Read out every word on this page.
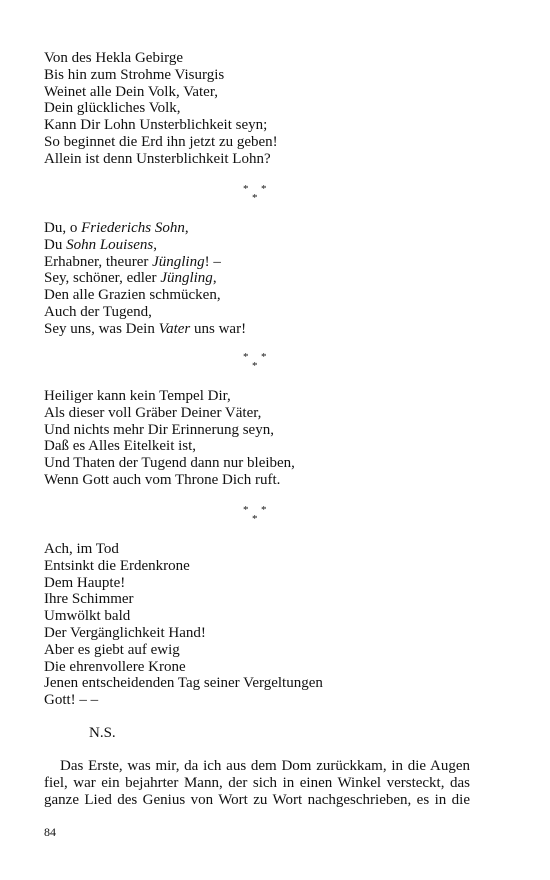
Von des Hekla Gebirge
Bis hin zum Strohme Visurgis
Weinet alle Dein Volk, Vater,
Dein glückliches Volk,
Kann Dir Lohn Unsterblichkeit seyn;
So beginnet die Erd ihn jetzt zu geben!
Allein ist denn Unsterblichkeit Lohn?
* *
*
Du, o Friederichs Sohn,
Du Sohn Louisens,
Erhabner, theurer Jüngling! –
Sey, schöner, edler Jüngling,
Den alle Grazien schmücken,
Auch der Tugend,
Sey uns, was Dein Vater uns war!
* *
*
Heiliger kann kein Tempel Dir,
Als dieser voll Gräber Deiner Väter,
Und nichts mehr Dir Erinnerung seyn,
Daß es Alles Eitelkeit ist,
Und Thaten der Tugend dann nur bleiben,
Wenn Gott auch vom Throne Dich ruft.
* *
*
Ach, im Tod
Entsinkt die Erdenkrone
Dem Haupte!
Ihre Schimmer
Umwölkt bald
Der Vergänglichkeit Hand!
Aber es giebt auf ewig
Die ehrenvollere Krone
Jenen entscheidenden Tag seiner Vergeltungen
Gott! – –
N.S.
Das Erste, was mir, da ich aus dem Dom zurückkam, in die Augen
fiel, war ein bejahrter Mann, der sich in einen Winkel versteckt, das
ganze Lied des Genius von Wort zu Wort nachgeschrieben, es in die
84
